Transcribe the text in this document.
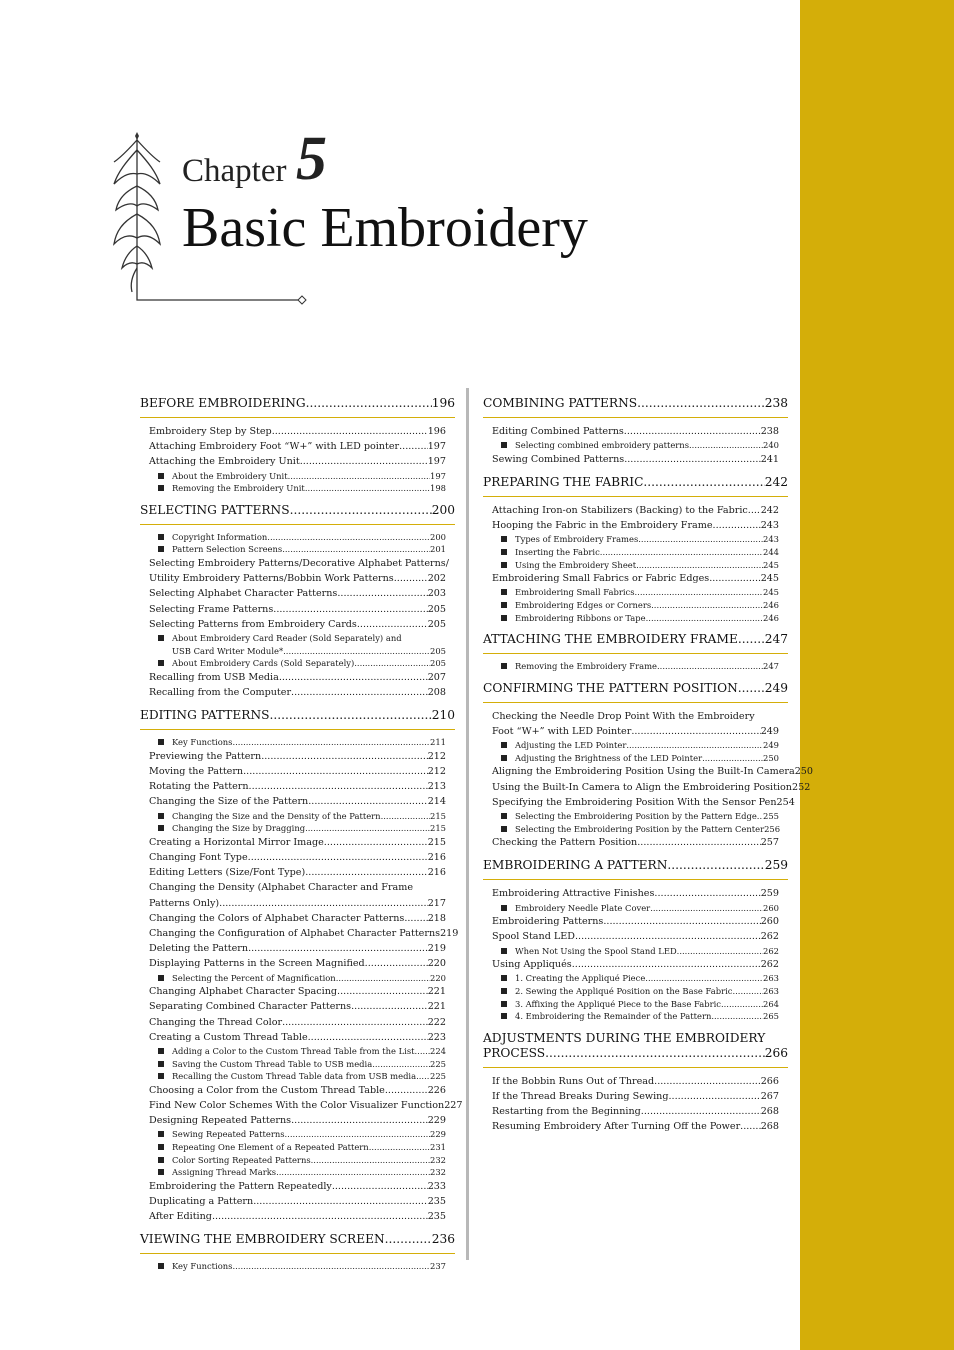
Chapter 5
Basic Embroidery
BEFORE EMBROIDERING .....	196
Embroidery Step by Step .....	196
Attaching Embroidery Foot “W+” with LED pointer .....	197
Attaching the Embroidery Unit .....	197
About the Embroidery Unit .....	197
Removing the Embroidery Unit .....	198
SELECTING PATTERNS .....	200
Copyright Information .....	200
Pattern Selection Screens .....	201
Selecting Embroidery Patterns/Decorative Alphabet Patterns/
Utility Embroidery Patterns/Bobbin Work Patterns .....	202
Selecting Alphabet Character Patterns .....	203
Selecting Frame Patterns .....	205
Selecting Patterns from Embroidery Cards .....	205
About Embroidery Card Reader (Sold Separately) and
USB Card Writer Module* .....	205
About Embroidery Cards (Sold Separately) .....	205
Recalling from USB Media .....	207
Recalling from the Computer .....	208
EDITING PATTERNS .....	210
Key Functions .....	211
Previewing the Pattern .....	212
Moving the Pattern .....	212
Rotating the Pattern .....	213
Changing the Size of the Pattern .....	214
Changing the Size and the Density of the Pattern .....	215
Changing the Size by Dragging .....	215
Creating a Horizontal Mirror Image .....	215
Changing Font Type .....	216
Editing Letters (Size/Font Type) .....	216
Changing the Density (Alphabet Character and Frame
Patterns Only) .....	217
Changing the Colors of Alphabet Character Patterns ..... 218
Changing the Configuration of Alphabet Character Patterns 219
Deleting the Pattern .....	219
Displaying Patterns in the Screen Magnified .....	220
Selecting the Percent of Magnification .....	220
Changing Alphabet Character Spacing .....	221
Separating Combined Character Patterns .....	221
Changing the Thread Color .....	222
Creating a Custom Thread Table .....	223
Adding a Color to the Custom Thread Table from the List ..... 224
Saving the Custom Thread Table to USB media .....	225
Recalling the Custom Thread Table data from USB media ..... 225
Choosing a Color from the Custom Thread Table .....	226
Find New Color Schemes With the Color Visualizer Function 227
Designing Repeated Patterns .....	229
Sewing Repeated Patterns .....	229
Repeating One Element of a Repeated Pattern .....	231
Color Sorting Repeated Patterns .....	232
Assigning Thread Marks .....	232
Embroidering the Pattern Repeatedly .....	233
Duplicating a Pattern .....	235
After Editing .....	235
VIEWING THE EMBROIDERY SCREEN .....	236
Key Functions .....	237
COMBINING PATTERNS .....	238
Editing Combined Patterns .....	238
Selecting combined embroidery patterns .....	240
Sewing Combined Patterns .....	241
PREPARING THE FABRIC .....	242
Attaching Iron-on Stabilizers (Backing) to the Fabric ..... 242
Hooping the Fabric in the Embroidery Frame .....	243
Types of Embroidery Frames .....	243
Inserting the Fabric .....	244
Using the Embroidery Sheet .....	245
Embroidering Small Fabrics or Fabric Edges .....	245
Embroidering Small Fabrics .....	245
Embroidering Edges or Corners .....	246
Embroidering Ribbons or Tape .....	246
ATTACHING THE EMBROIDERY FRAME ..... 247
Removing the Embroidery Frame .....	247
CONFIRMING THE PATTERN POSITION ..... 249
Checking the Needle Drop Point With the Embroidery
Foot “W+” with LED Pointer .....	249
Adjusting the LED Pointer .....	249
Adjusting the Brightness of the LED Pointer .....	250
Aligning the Embroidering Position Using the Built-In Camera 250
Using the Built-In Camera to Align the Embroidering Position 252
Specifying the Embroidering Position With the Sensor Pen 254
Selecting the Embroidering Position by the Pattern Edge ..... 255
Selecting the Embroidering Position by the Pattern Center 256
Checking the Pattern Position .....	257
EMBROIDERING A PATTERN .....	259
Embroidering Attractive Finishes .....	259
Embroidery Needle Plate Cover .....	260
Embroidering Patterns .....	260
Spool Stand LED .....	262
When Not Using the Spool Stand LED .....	262
Using Appliqués .....	262
1. Creating the Appliqué Piece .....	263
2. Sewing the Appliqué Position on the Base Fabric .....	263
3. Affixing the Appliqué Piece to the Base Fabric .....	264
4. Embroidering the Remainder of the Pattern .....	265
ADJUSTMENTS DURING THE EMBROIDERY
PROCESS .....	266
If the Bobbin Runs Out of Thread .....	266
If the Thread Breaks During Sewing .....	267
Restarting from the Beginning .....	268
Resuming Embroidery After Turning Off the Power ..... 268
